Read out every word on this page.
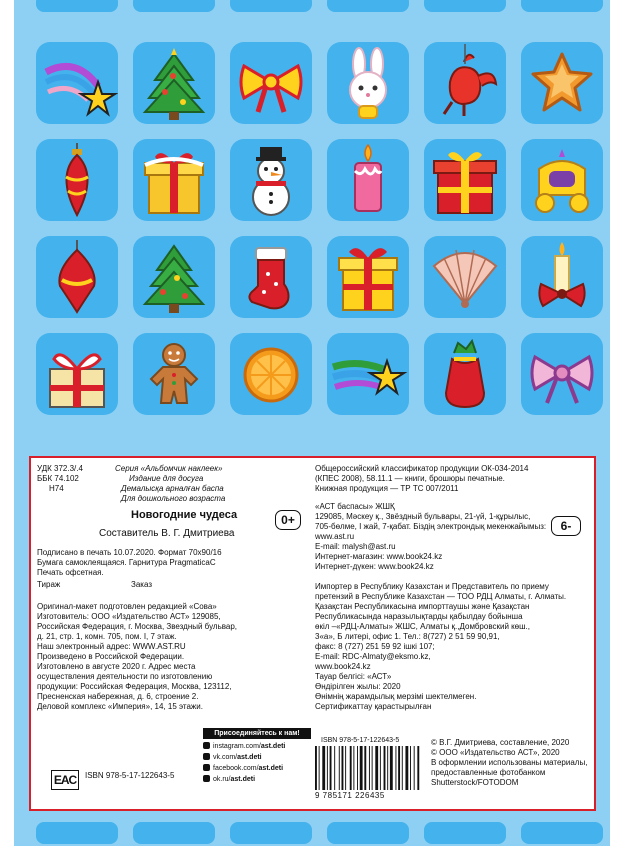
УДК 372.3/.4
ББК 74.102
Н74
Серия «Альбомчик наклеек»
Издание для досуга
Демалысқа арналған баспа
Для дошкольного возраста
Новогодние чудеса
Составитель В. Г. Дмитриева
0+
Подписано в печать 10.07.2020. Формат 70x90/16
Бумага самоклеящаяся. Гарнитура PragmaticaC
Печать офсетная.
Тираж	Заказ
Оригинал-макет подготовлен редакцией «Сова»
Изготовитель: ООО «Издательство АСТ» 129085,
Российская Федерация, г. Москва, Звездный бульвар,
д. 21, стр. 1, комн. 705, пом. I, 7 этаж.
Наш электронный адрес: WWW.AST.RU
Произведено в Российской Федерации.
Изготовлено в августе 2020 г. Адрес места
осуществления деятельности по изготовлению
продукции: Российская Федерация, Москва, 123112,
Пресненская набережная, д. 6, строение 2.
Деловой комплекс «Империя», 14, 15 этажи.
ISBN 978-5-17-122643-5
EAC
Присоединяйтесь к нам!
instagram.com/ast.deti
vk.com/ast.deti
facebook.com/ast.deti
ok.ru/ast.deti
Общероссийский классификатор продукции ОК-034-2014
(КПЕС 2008), 58.11.1 — книги, брошюры печатные.
Книжная продукция — ТР ТС 007/2011
«АСТ баспасы» ЖШҚ
129085, Мәскеу қ., Звёздный бульвары, 21-үй, 1-құрылыс,
705-бөлме, I жай, 7-қабат. Біздің электрондық мекенжайымыз:
www.ast.ru
E-mail: malysh@ast.ru
Интернет-магазин: www.book24.kz
Интернет-дүкен: www.book24.kz
6-
Импортер в Республику Казахстан и Представитель по приему
претензий в Республике Казахстан — ТОО РДЦ Алматы, г. Алматы.
Қазақстан Республикасына импорттаушы және Қазақстан
Республикасында наразылықтарды қабылдау бойынша
өкіл –«РДЦ-Алматы» ЖШС, Алматы қ.,Домбровский көш.,
3«а», Б литері, офис 1. Тел.: 8(727) 2 51 59 90,91,
факс: 8 (727) 251 59 92 ішкі 107;
E-mail: RDC-Almaty@eksmo.kz,
www.book24.kz
Тауар белгісі: «АСТ»
Өндірілген жылы: 2020
Өнімнің жарамдылық мерзімі шектелмеген.
Сертификаттау қарастырылған
ISBN 978-5-17-122643-5
9 785171 226435
© В.Г. Дмитриева, составление, 2020
© ООО «Издательство АСТ», 2020
В оформлении использованы материалы,
предоставленные фотобанком
Shutterstock/FOTODOM
